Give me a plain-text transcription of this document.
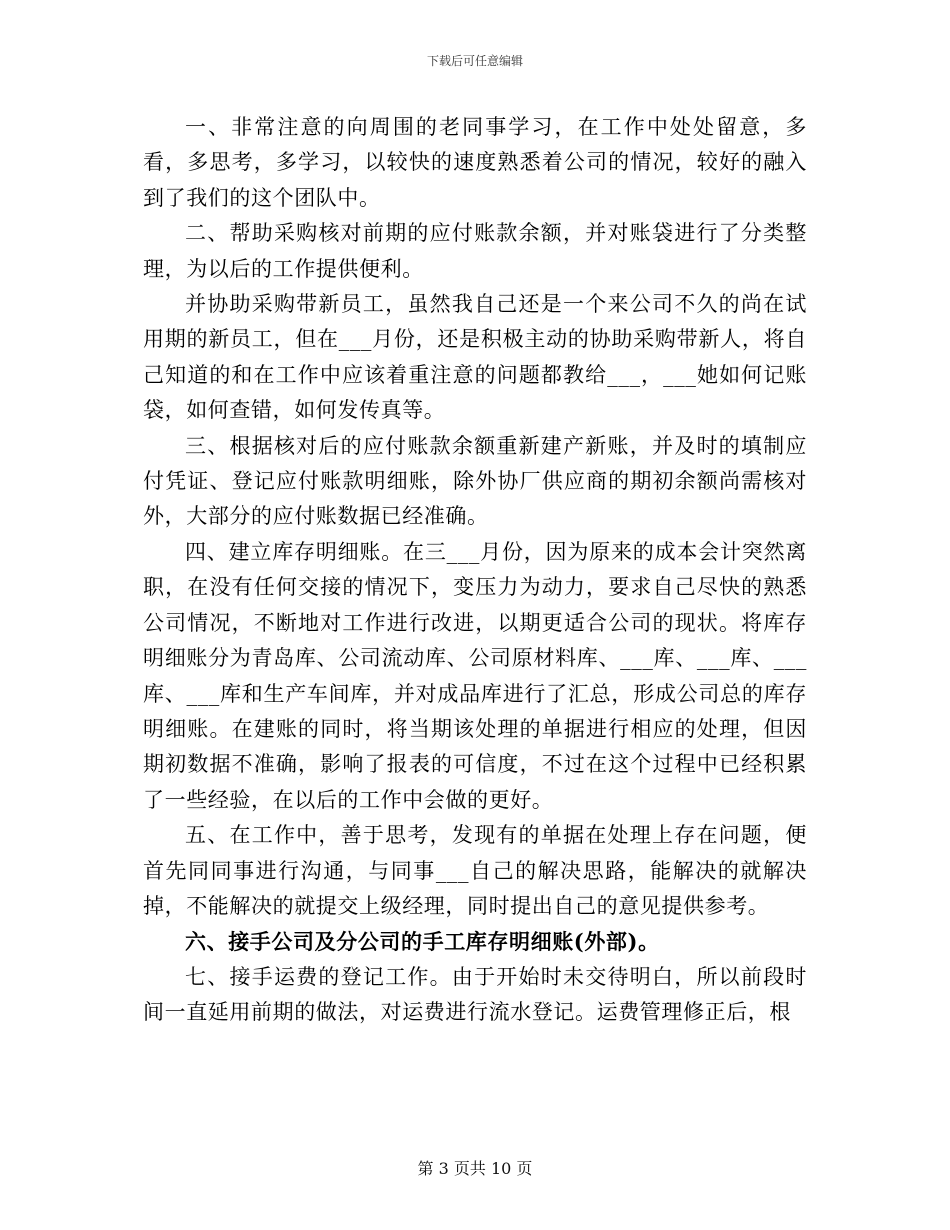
下载后可任意编辑

一、非常注意的向周围的老同事学习，在工作中处处留意，多看，多思考，多学习，以较快的速度熟悉着公司的情况，较好的融入到了我们的这个团队中。

二、帮助采购核对前期的应付账款余额，并对账袋进行了分类整理，为以后的工作提供便利。

并协助采购带新员工，虽然我自己还是一个来公司不久的尚在试用期的新员工，但在___月份，还是积极主动的协助采购带新人，将自己知道的和在工作中应该着重注意的问题都教给___，___她如何记账袋，如何查错，如何发传真等。

三、根据核对后的应付账款余额重新建产新账，并及时的填制应付凭证、登记应付账款明细账，除外协厂供应商的期初余额尚需核对外，大部分的应付账数据已经准确。

四、建立库存明细账。在三___月份，因为原来的成本会计突然离职，在没有任何交接的情况下，变压力为动力，要求自己尽快的熟悉公司情况，不断地对工作进行改进，以期更适合公司的现状。将库存明细账分为青岛库、公司流动库、公司原材料库、___库、___库、___库、___库和生产车间库，并对成品库进行了汇总，形成公司总的库存明细账。在建账的同时，将当期该处理的单据进行相应的处理，但因期初数据不准确，影响了报表的可信度，不过在这个过程中已经积累了一些经验，在以后的工作中会做的更好。

五、在工作中，善于思考，发现有的单据在处理上存在问题，便首先同同事进行沟通，与同事___自己的解决思路，能解决的就解决掉，不能解决的就提交上级经理，同时提出自己的意见提供参考。

六、接手公司及分公司的手工库存明细账(外部)。

七、接手运费的登记工作。由于开始时未交待明白，所以前段时间一直延用前期的做法，对运费进行流水登记。运费管理修正后，根

第 3 页共 10 页
